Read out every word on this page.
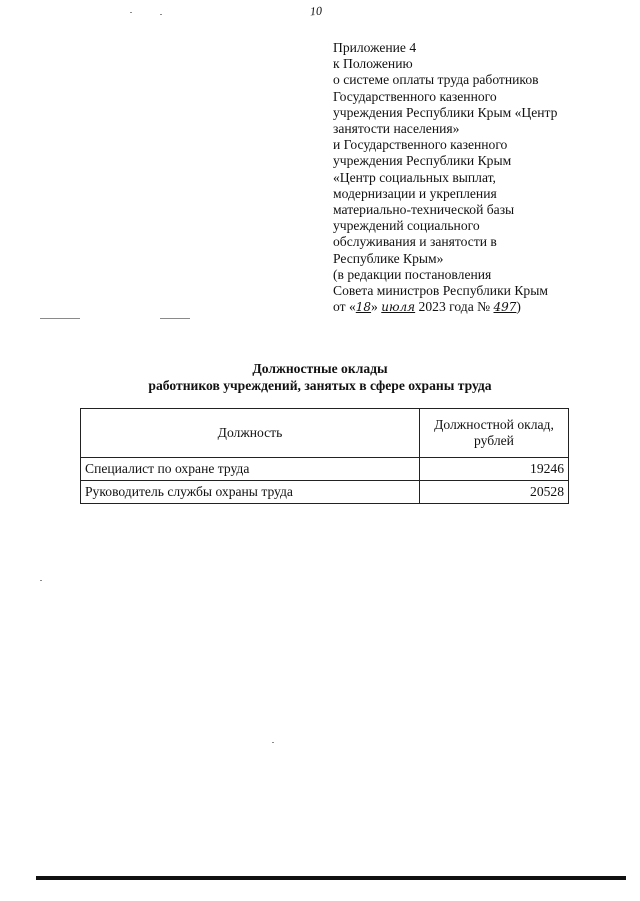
10
Приложение 4
к Положению
о системе оплаты труда работников
Государственного казенного
учреждения Республики Крым «Центр
занятости населения»
и Государственного казенного
учреждения Республики Крым
«Центр социальных выплат,
модернизации и укрепления
материально-технической базы
учреждений социального
обслуживания и занятости в
Республике Крым»
(в редакции постановления
Совета министров Республики Крым
от «18» июля 2023 года № 497)
Должностные оклады
работников учреждений, занятых в сфере охраны труда
Должность	Должностной оклад, рублей
Специалист по охране труда	19246
Руководитель службы охраны труда	20528
